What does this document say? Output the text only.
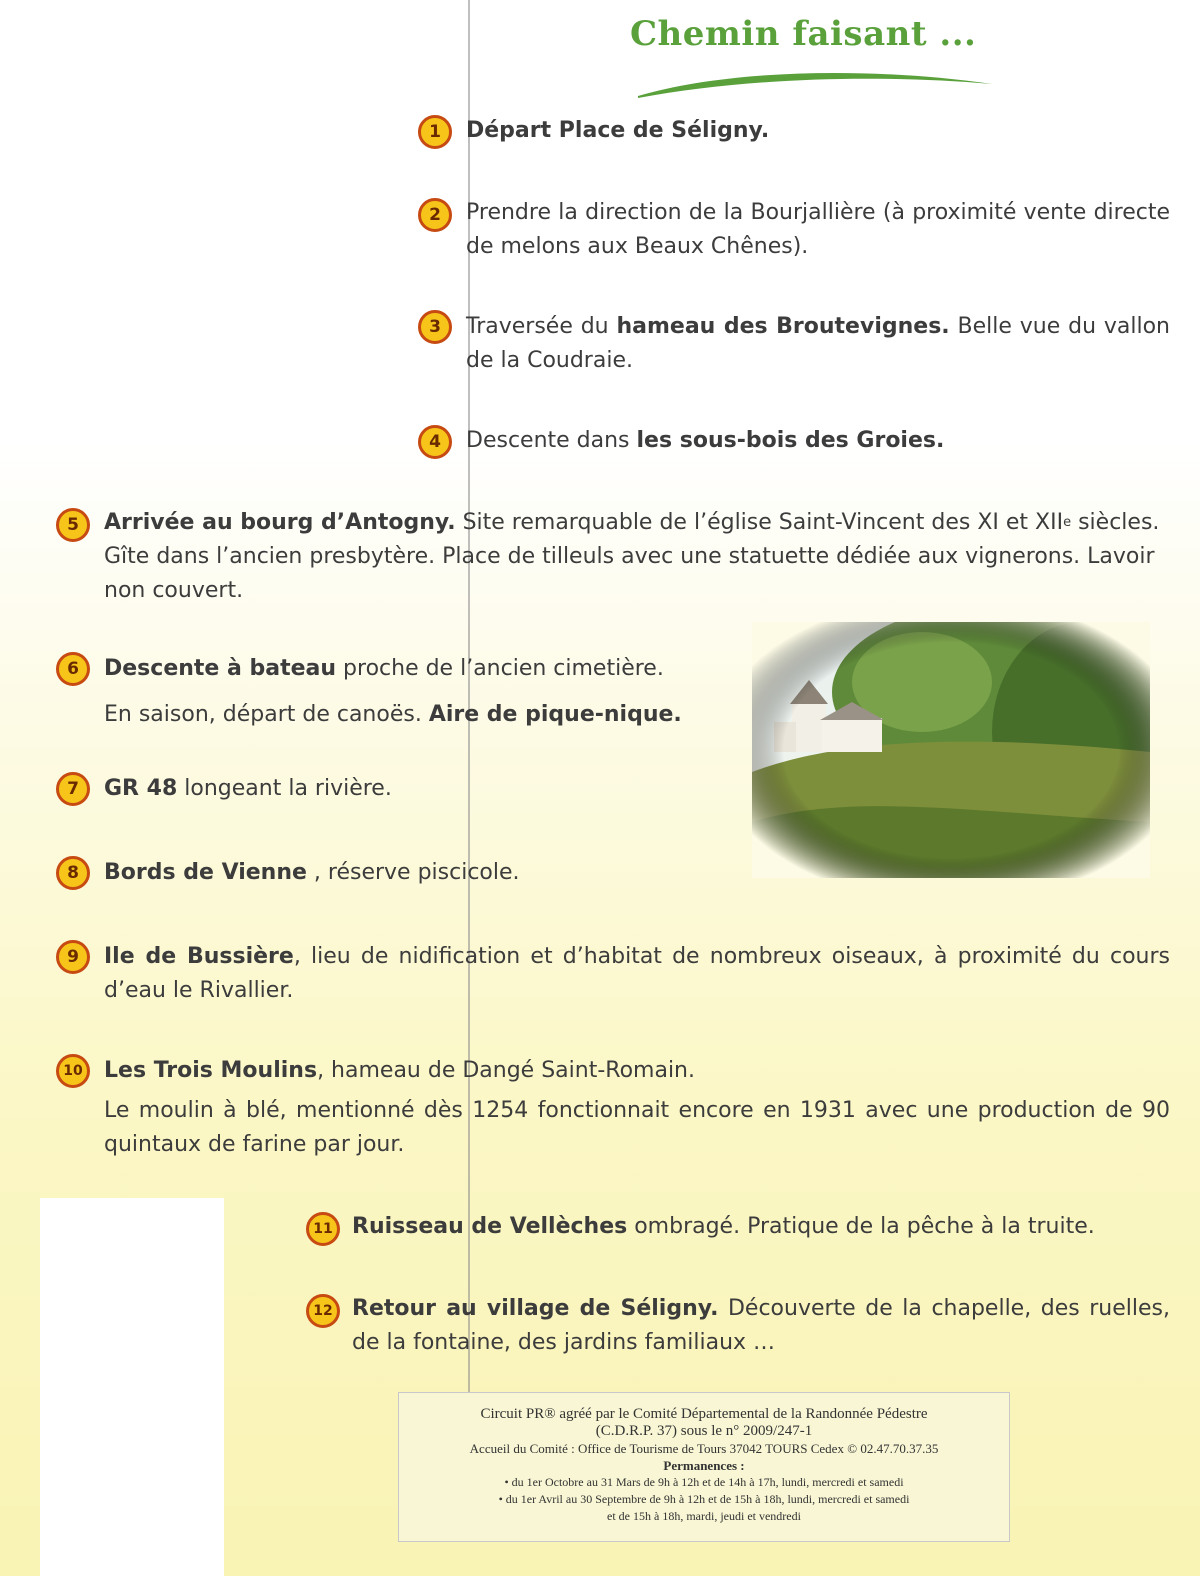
Chemin faisant ...
1 Départ Place de Séligny.
2 Prendre la direction de la Bourjallière (à proximité vente directe de melons aux Beaux Chênes).
3 Traversée du hameau des Broutevignes. Belle vue du vallon de la Coudraie.
4 Descente dans les sous-bois des Groies.
5 Arrivée au bourg d’Antogny. Site remarquable de l’église Saint-Vincent des XI et XIIe siècles. Gîte dans l’ancien presbytère. Place de tilleuls avec une statuette dédiée aux vignerons. Lavoir non couvert.
6 Descente à bateau proche de l’ancien cimetière.
En saison, départ de canoës. Aire de pique-nique.
7 GR 48 longeant la rivière.
8 Bords de Vienne , réserve piscicole.
9 Ile de Bussière, lieu de nidification et d’habitat de nombreux oiseaux, à proximité du cours d’eau le Rivallier.
10 Les Trois Moulins, hameau de Dangé Saint-Romain.
Le moulin à blé, mentionné dès 1254 fonctionnait encore en 1931 avec une production de 90 quintaux de farine par jour.
11 Ruisseau de Vellèches ombragé. Pratique de la pêche à la truite.
12 Retour au village de Séligny. Découverte de la chapelle, des ruelles, de la fontaine, des jardins familiaux …
Circuit PR® agréé par le Comité Départemental de la Randonnée Pédestre
(C.D.R.P. 37) sous le n° 2009/247-1
Accueil du Comité : Office de Tourisme de Tours 37042 TOURS Cedex © 02.47.70.37.35
Permanences :
• du 1er Octobre au 31 Mars de 9h à 12h et de 14h à 17h, lundi, mercredi et samedi
• du 1er Avril au 30 Septembre de 9h à 12h et de 15h à 18h, lundi, mercredi et samedi
et de 15h à 18h, mardi, jeudi et vendredi
